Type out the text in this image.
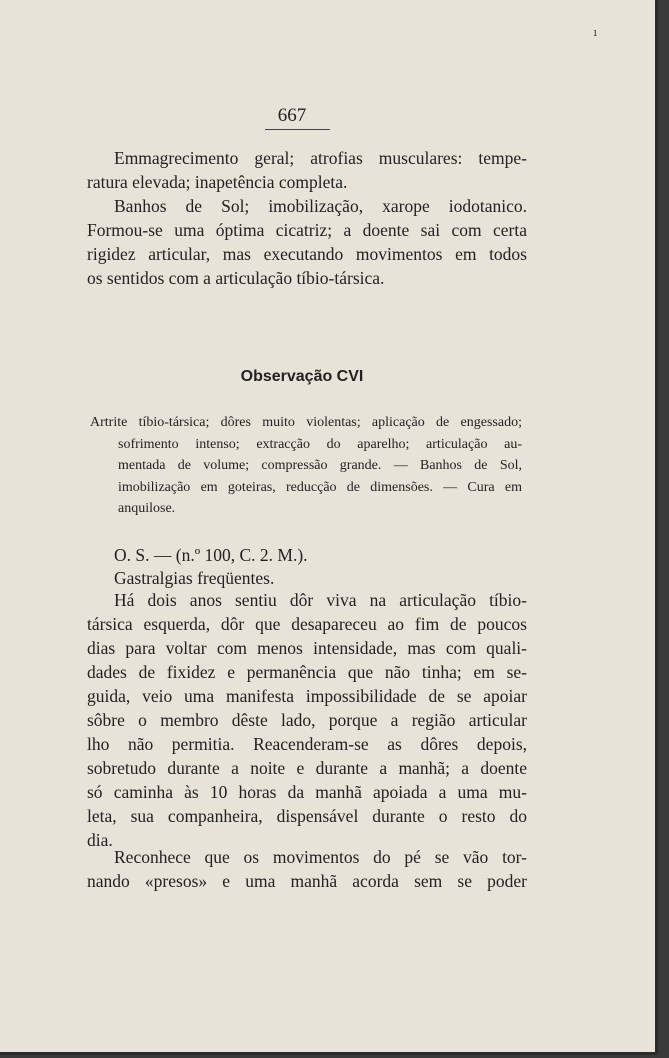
ı
667
Emmagrecimento geral; atrofias musculares: tempe-
ratura elevada; inapetência completa.
Banhos de Sol; imobilização, xarope iodotanico.
Formou-se uma óptima cicatriz; a doente sai com certa
rigidez articular, mas executando movimentos em todos
os sentidos com a articulação tíbio-társica.
Observação CVI
Artrite tíbio-társica; dôres muito violentas; aplicação de engessado;
sofrimento intenso; extracção do aparelho; articulação au-
mentada de volume; compressão grande. — Banhos de Sol,
imobilização em goteiras, reducção de dimensões. — Cura em
anquilose.
O. S. — (n.º 100, C. 2. M.).
Gastralgias freqüentes.
Há dois anos sentiu dôr viva na articulação tíbio-
társica esquerda, dôr que desapareceu ao fim de poucos
dias para voltar com menos intensidade, mas com quali-
dades de fixidez e permanência que não tinha; em se-
guida, veio uma manifesta impossibilidade de se apoiar
sôbre o membro dêste lado, porque a região articular
lho não permitia. Reacenderam-se as dôres depois,
sobretudo durante a noite e durante a manhã; a doente
só caminha às 10 horas da manhã apoiada a uma mu-
leta, sua companheira, dispensável durante o resto do
dia.
Reconhece que os movimentos do pé se vão tor-
nando «presos» e uma manhã acorda sem se poder
